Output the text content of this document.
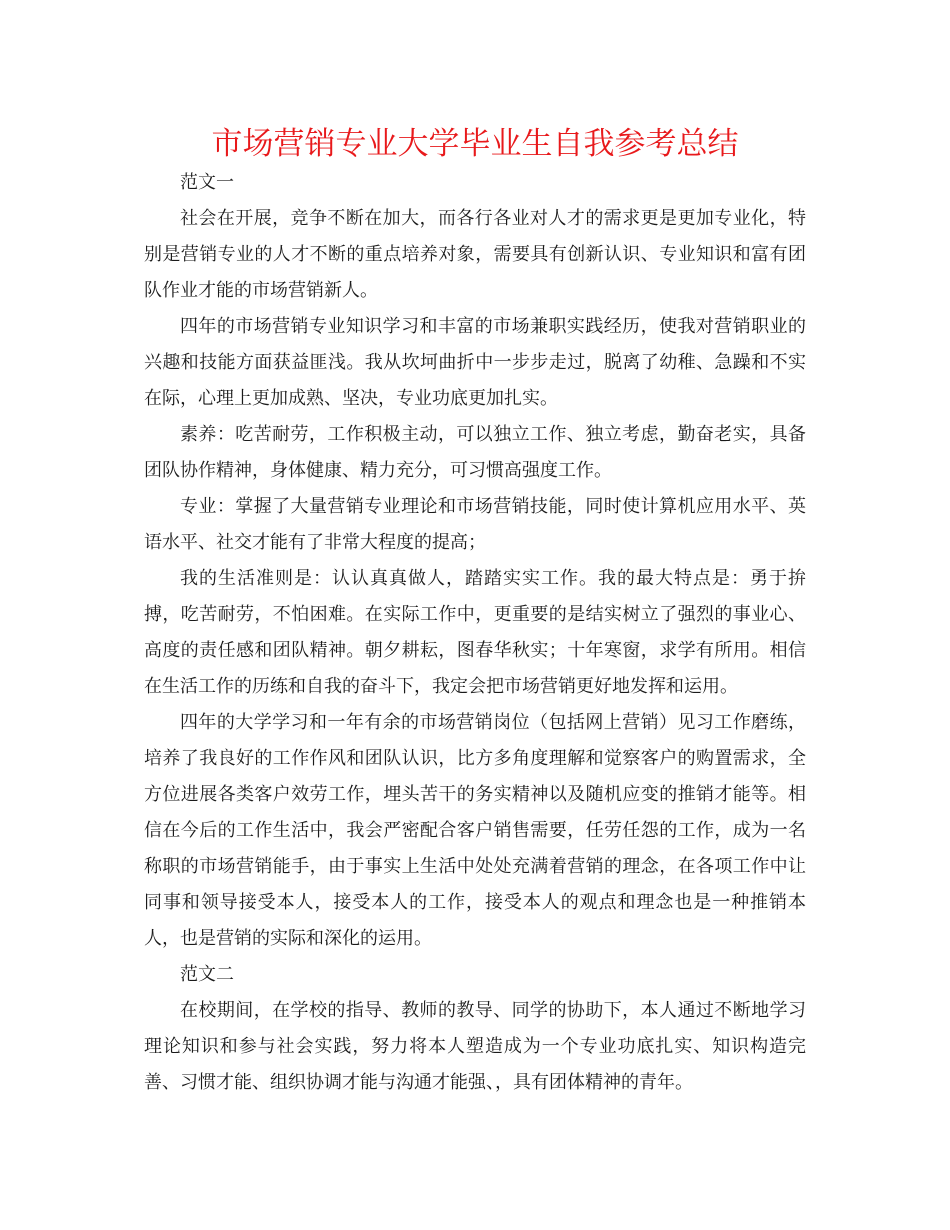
市场营销专业大学毕业生自我参考总结

范文一

社会在开展，竞争不断在加大，而各行各业对人才的需求更是更加专业化，特别是营销专业的人才不断的重点培养对象，需要具有创新认识、专业知识和富有团队作业才能的市场营销新人。

四年的市场营销专业知识学习和丰富的市场兼职实践经历，使我对营销职业的兴趣和技能方面获益匪浅。我从坎坷曲折中一步步走过，脱离了幼稚、急躁和不实在际，心理上更加成熟、坚决，专业功底更加扎实。

素养：吃苦耐劳，工作积极主动，可以独立工作、独立考虑，勤奋老实，具备团队协作精神，身体健康、精力充分，可习惯高强度工作。

专业：掌握了大量营销专业理论和市场营销技能，同时使计算机应用水平、英语水平、社交才能有了非常大程度的提高；

我的生活准则是：认认真真做人，踏踏实实工作。我的最大特点是：勇于拚搏，吃苦耐劳，不怕困难。在实际工作中，更重要的是结实树立了强烈的事业心、高度的责任感和团队精神。朝夕耕耘，图春华秋实；十年寒窗，求学有所用。相信在生活工作的历练和自我的奋斗下，我定会把市场营销更好地发挥和运用。

四年的大学学习和一年有余的市场营销岗位（包括网上营销）见习工作磨练，培养了我良好的工作作风和团队认识，比方多角度理解和觉察客户的购置需求，全方位进展各类客户效劳工作，埋头苦干的务实精神以及随机应变的推销才能等。相信在今后的工作生活中，我会严密配合客户销售需要，任劳任怨的工作，成为一名称职的市场营销能手，由于事实上生活中处处充满着营销的理念，在各项工作中让同事和领导接受本人，接受本人的工作，接受本人的观点和理念也是一种推销本人，也是营销的实际和深化的运用。

范文二

在校期间，在学校的指导、教师的教导、同学的协助下，本人通过不断地学习理论知识和参与社会实践，努力将本人塑造成为一个专业功底扎实、知识构造完善、习惯才能、组织协调才能与沟通才能强、，具有团体精神的青年。
